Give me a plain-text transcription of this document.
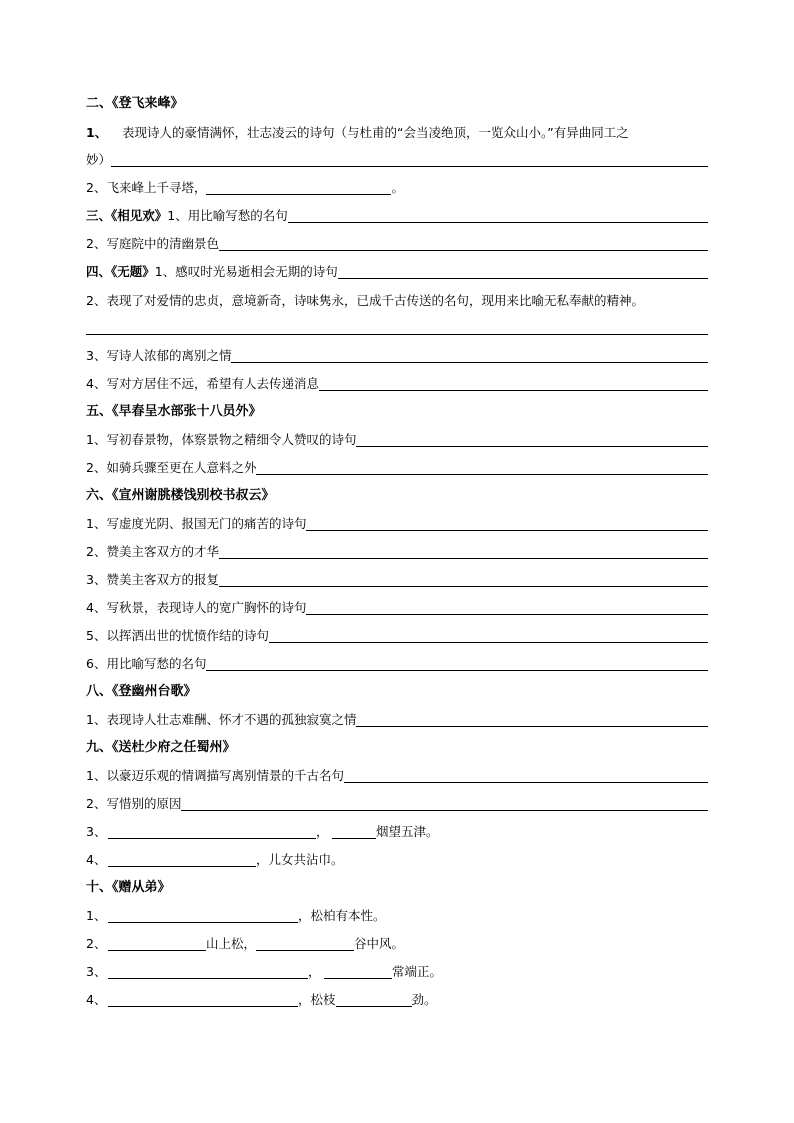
二、《登飞来峰》
1、	表现诗人的豪情满怀，壮志凌云的诗句（与杜甫的“会当凌绝顶，一览众山小。”有异曲同工之
妙）
2、飞来峰上千寻塔，	。
三、《相见欢》 1、用比喻写愁的名句
2、写庭院中的清幽景色
四、《无题》 1、感叹时光易逝相会无期的诗句
2、表现了对爱情的忠贞，意境新奇，诗味隽永，已成千古传送的名句，现用来比喻无私奉献的精神。
3、写诗人浓郁的离别之情
4、写对方居住不远，希望有人去传递消息
五、《早春呈水部张十八员外》
1、写初春景物，体察景物之精细令人赞叹的诗句
2、如骑兵骤至更在人意料之外
六、《宣州谢朓楼饯别校书叔云》
1、写虚度光阴、报国无门的痛苦的诗句
2、赞美主客双方的才华
3、赞美主客双方的报复
4、写秋景，表现诗人的宽广胸怀的诗句
5、以挥洒出世的忧愤作结的诗句
6、用比喻写愁的名句
八、《登幽州台歌》
1、表现诗人壮志难酬、怀才不遇的孤独寂寞之情
九、《送杜少府之任蜀州》
1、以豪迈乐观的情调描写离别情景的千古名句
2、写惜别的原因
3、	，	烟望五津。
4、	，儿女共沾巾。
十、《赠从弟》
1、	，松柏有本性。
2、	山上松，	谷中风。
3、	，	常端正。
4、	，松枝	劲。
